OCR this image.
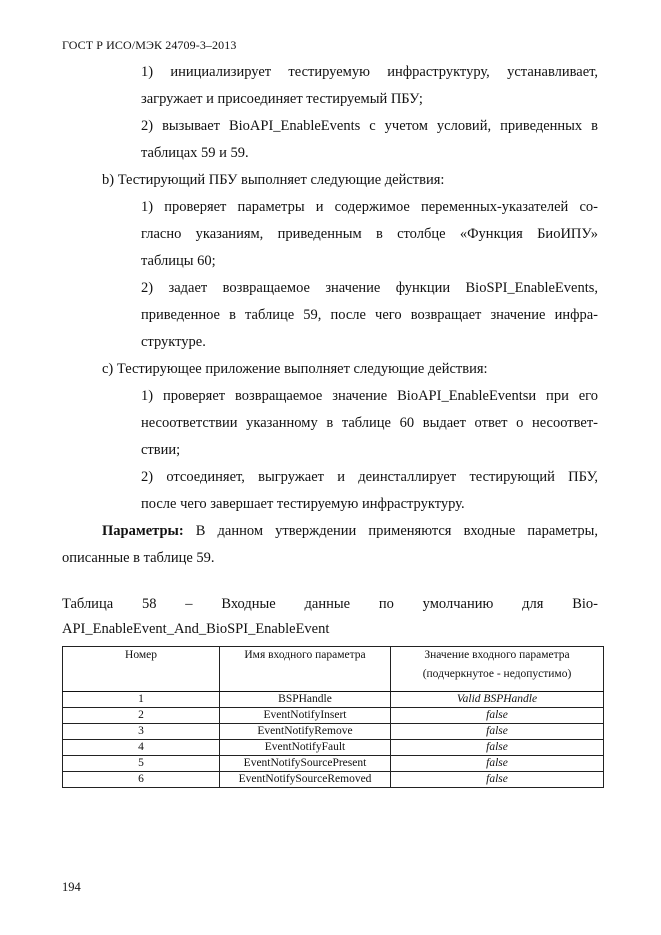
ГОСТ Р ИСО/МЭК 24709-3–2013
1) инициализирует тестируемую инфраструктуру, устанавливает,
загружает и присоединяет тестируемый ПБУ;
2) вызывает BioAPI_EnableEvents с учетом условий, приведенных в
таблицах 59 и 59.
b) Тестирующий ПБУ выполняет следующие действия:
1) проверяет параметры и содержимое переменных-указателей со-
гласно указаниям, приведенным в столбце «Функция БиоИПУ»
таблицы 60;
2) задает возвращаемое значение функции BioSPI_EnableEvents,
приведенное в таблице 59, после чего возвращает значение инфра-
структуре.
c) Тестирующее приложение выполняет следующие действия:
1) проверяет возвращаемое значение BioAPI_EnableEventsи при его
несоответствии указанному в таблице 60 выдает ответ о несоответ-
ствии;
2) отсоединяет, выгружает и деинсталлирует тестирующий ПБУ,
после чего завершает тестируемую инфраструктуру.
Параметры: В данном утверждении применяются входные параметры,
описанные в таблице 59.
Таблица 58 – Входные данные по умолчанию для Bio-
API_EnableEvent_And_BioSPI_EnableEvent
Номер	Имя входного параметра	Значение входного параметра
(подчеркнутое - недопустимо)

1	BSPHandle	Valid BSPHandle
2	EventNotifyInsert	false
3	EventNotifyRemove	false
4	EventNotifyFault	false
5	EventNotifySourcePresent	false
6	EventNotifySourceRemoved	false
194
